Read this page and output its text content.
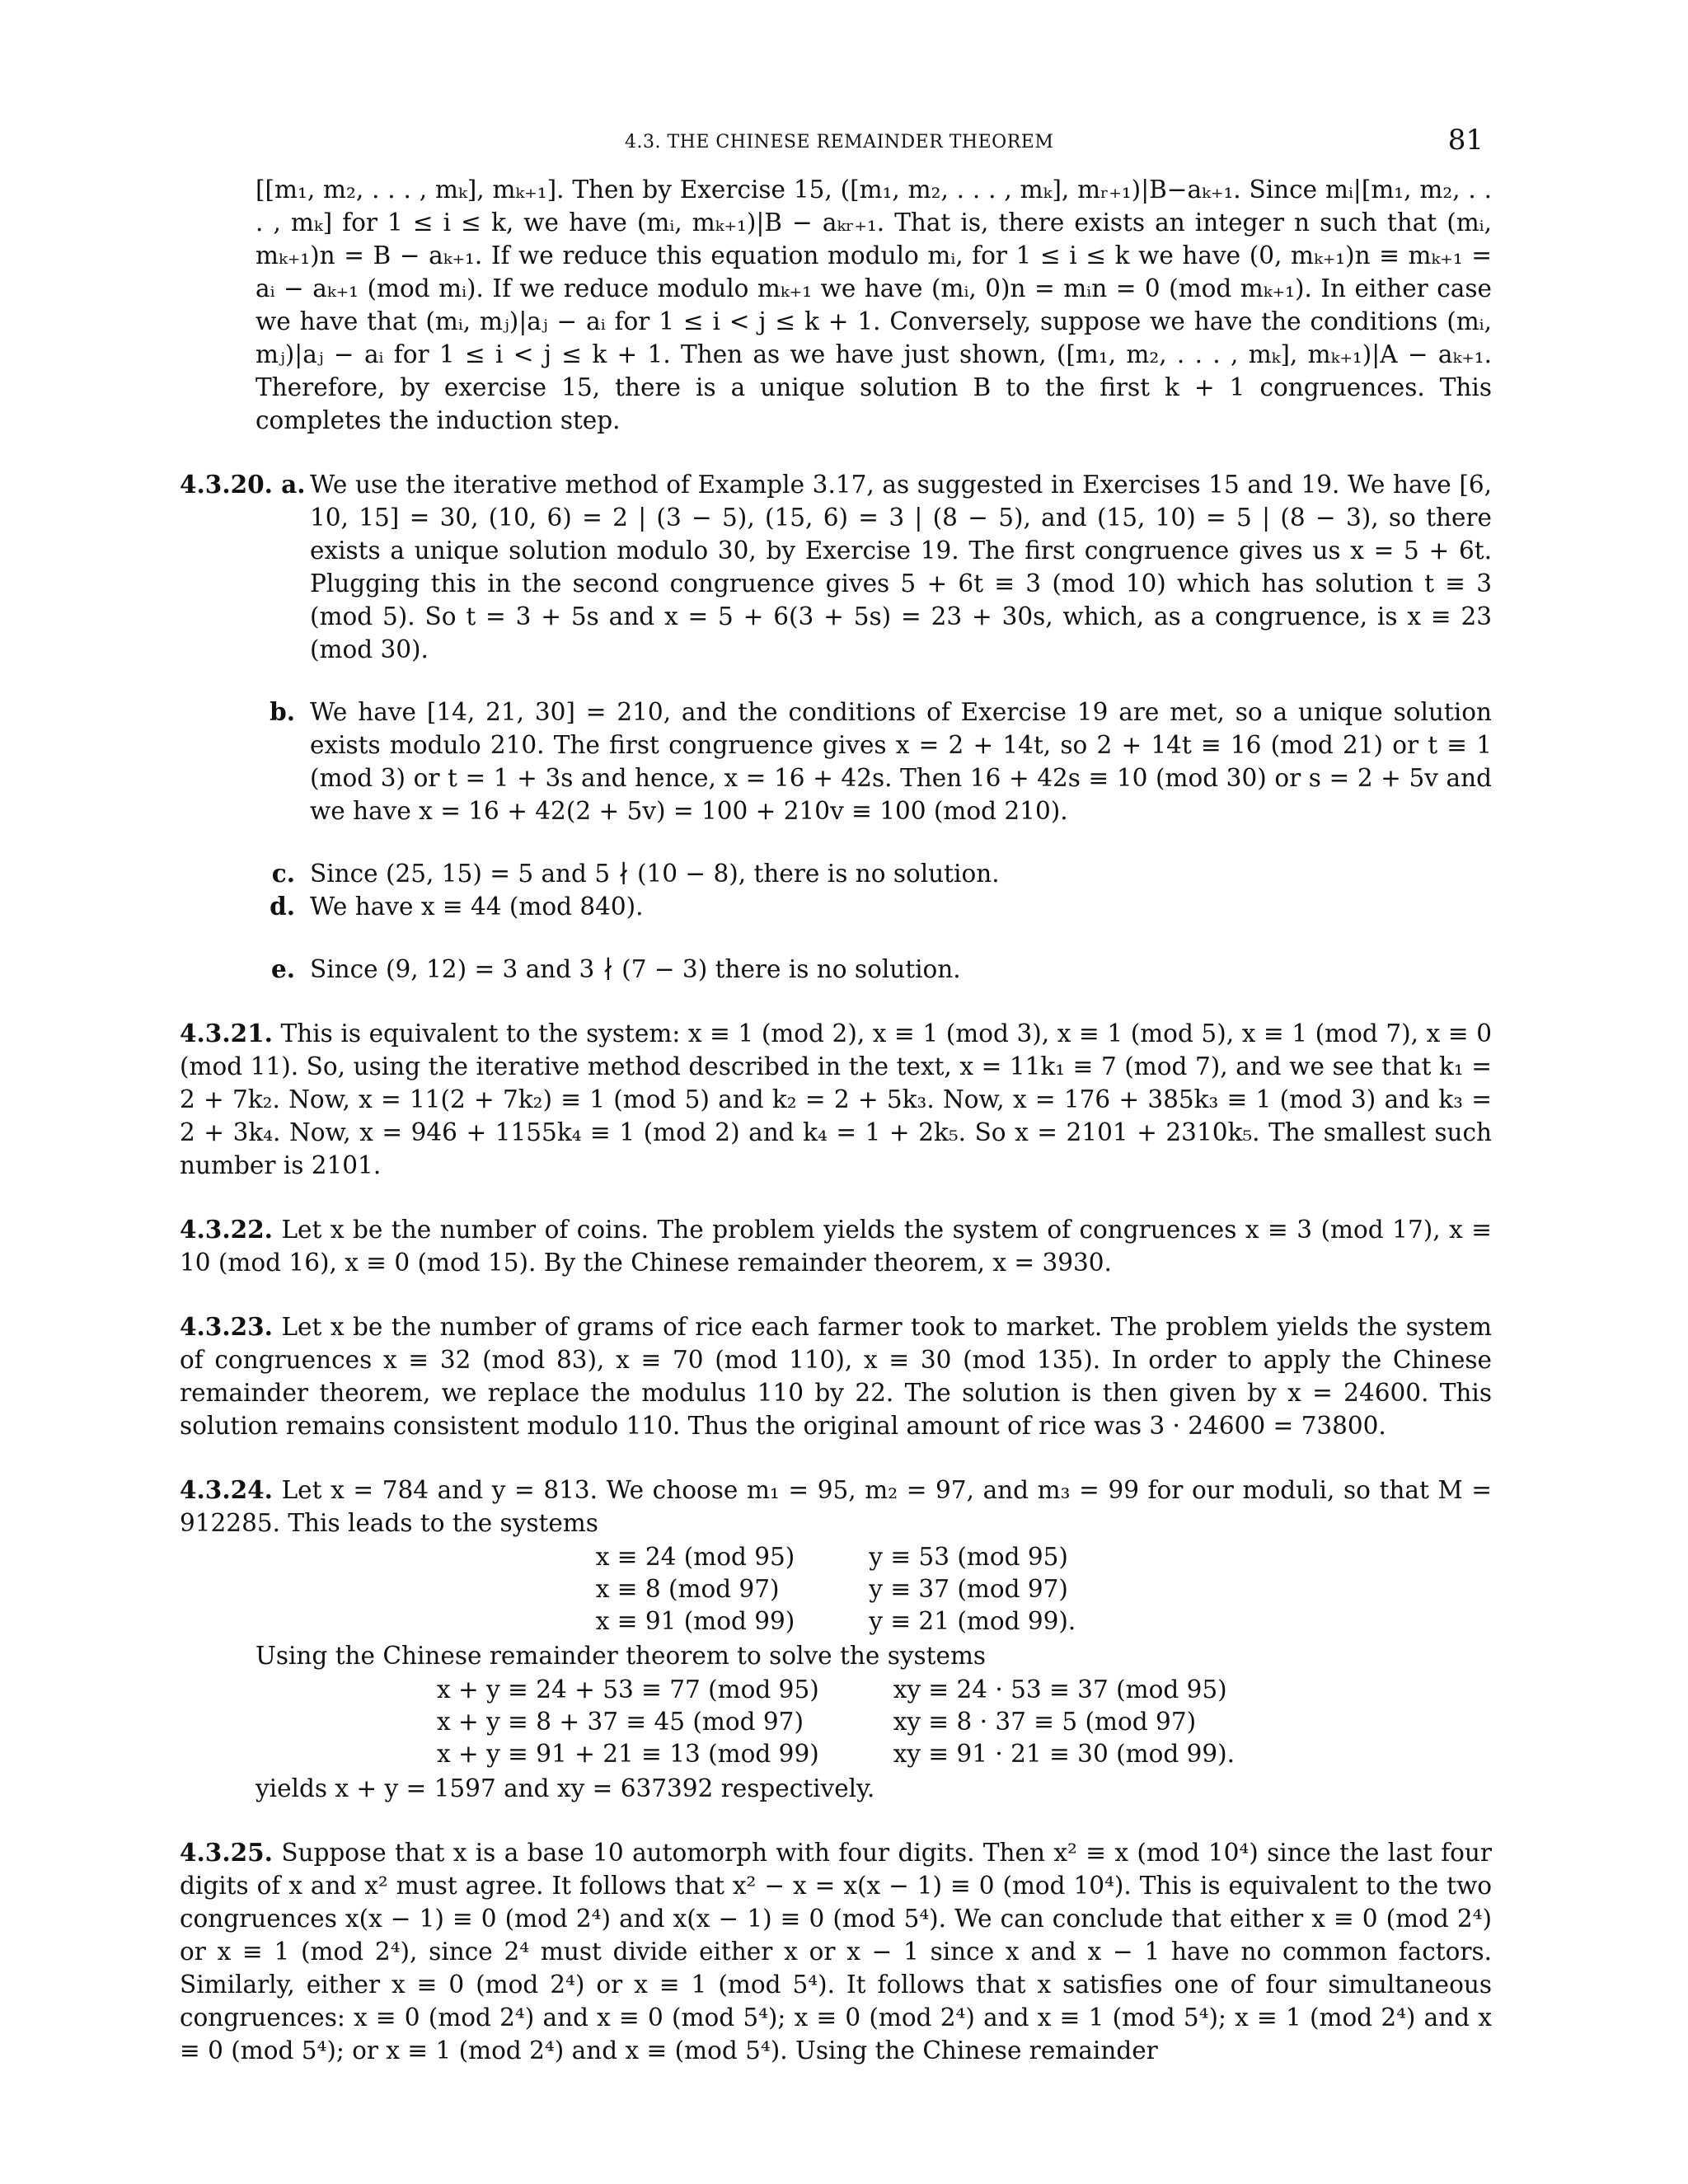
4.3. THE CHINESE REMAINDER THEOREM	81

[[m₁, m₂, . . . , mₖ], mₖ₊₁]. Then by Exercise 15, ([m₁, m₂, . . . , mₖ], mᵣ₊₁)|B−aₖ₊₁. Since mᵢ|[m₁, m₂, . . . , mₖ] for 1 ≤ i ≤ k, we have (mᵢ, mₖ₊₁)|B − aₖᵣ₊₁. That is, there exists an integer n such that (mᵢ, mₖ₊₁)n = B − aₖ₊₁. If we reduce this equation modulo mᵢ, for 1 ≤ i ≤ k we have (0, mₖ₊₁)n ≡ mₖ₊₁ = aᵢ − aₖ₊₁ (mod mᵢ). If we reduce modulo mₖ₊₁ we have (mᵢ, 0)n = mᵢn = 0 (mod mₖ₊₁). In either case we have that (mᵢ, mⱼ)|aⱼ − aᵢ for 1 ≤ i < j ≤ k + 1. Conversely, suppose we have the conditions (mᵢ, mⱼ)|aⱼ − aᵢ for 1 ≤ i < j ≤ k + 1. Then as we have just shown, ([m₁, m₂, . . . , mₖ], mₖ₊₁)|A − aₖ₊₁. Therefore, by exercise 15, there is a unique solution B to the first k + 1 congruences. This completes the induction step.

4.3.20. a. We use the iterative method of Example 3.17, as suggested in Exercises 15 and 19. We have [6, 10, 15] = 30, (10, 6) = 2 | (3 − 5), (15, 6) = 3 | (8 − 5), and (15, 10) = 5 | (8 − 3), so there exists a unique solution modulo 30, by Exercise 19. The first congruence gives us x = 5 + 6t. Plugging this in the second congruence gives 5 + 6t ≡ 3 (mod 10) which has solution t ≡ 3 (mod 5). So t = 3 + 5s and x = 5 + 6(3 + 5s) = 23 + 30s, which, as a congruence, is x ≡ 23 (mod 30).
b. We have [14, 21, 30] = 210, and the conditions of Exercise 19 are met, so a unique solution exists modulo 210. The first congruence gives x = 2 + 14t, so 2 + 14t ≡ 16 (mod 21) or t ≡ 1 (mod 3) or t = 1 + 3s and hence, x = 16 + 42s. Then 16 + 42s ≡ 10 (mod 30) or s = 2 + 5v and we have x = 16 + 42(2 + 5v) = 100 + 210v ≡ 100 (mod 210).
c. Since (25, 15) = 5 and 5 ∤ (10 − 8), there is no solution.
d. We have x ≡ 44 (mod 840).
e. Since (9, 12) = 3 and 3 ∤ (7 − 3) there is no solution.

4.3.21. This is equivalent to the system: x ≡ 1 (mod 2), x ≡ 1 (mod 3), x ≡ 1 (mod 5), x ≡ 1 (mod 7), x ≡ 0 (mod 11). So, using the iterative method described in the text, x = 11k₁ ≡ 7 (mod 7), and we see that k₁ = 2 + 7k₂. Now, x = 11(2 + 7k₂) ≡ 1 (mod 5) and k₂ = 2 + 5k₃. Now, x = 176 + 385k₃ ≡ 1 (mod 3) and k₃ = 2 + 3k₄. Now, x = 946 + 1155k₄ ≡ 1 (mod 2) and k₄ = 1 + 2k₅. So x = 2101 + 2310k₅. The smallest such number is 2101.

4.3.22. Let x be the number of coins. The problem yields the system of congruences x ≡ 3 (mod 17), x ≡ 10 (mod 16), x ≡ 0 (mod 15). By the Chinese remainder theorem, x = 3930.

4.3.23. Let x be the number of grams of rice each farmer took to market. The problem yields the system of congruences x ≡ 32 (mod 83), x ≡ 70 (mod 110), x ≡ 30 (mod 135). In order to apply the Chinese remainder theorem, we replace the modulus 110 by 22. The solution is then given by x = 24600. This solution remains consistent modulo 110. Thus the original amount of rice was 3 · 24600 = 73800.

4.3.24. Let x = 784 and y = 813. We choose m₁ = 95, m₂ = 97, and m₃ = 99 for our moduli, so that M = 912285. This leads to the systems

x ≡ 24 (mod 95)
x ≡ 8 (mod 97)
x ≡ 91 (mod 99)
y ≡ 53 (mod 95)
y ≡ 37 (mod 97)
y ≡ 21 (mod 99).

Using the Chinese remainder theorem to solve the systems

x + y ≡ 24 + 53 ≡ 77 (mod 95)
x + y ≡ 8 + 37 ≡ 45 (mod 97)
x + y ≡ 91 + 21 ≡ 13 (mod 99)
xy ≡ 24 · 53 ≡ 37 (mod 95)
xy ≡ 8 · 37 ≡ 5 (mod 97)
xy ≡ 91 · 21 ≡ 30 (mod 99).

yields x + y = 1597 and xy = 637392 respectively.

4.3.25. Suppose that x is a base 10 automorph with four digits. Then x² ≡ x (mod 10⁴) since the last four digits of x and x² must agree. It follows that x² − x = x(x − 1) ≡ 0 (mod 10⁴). This is equivalent to the two congruences x(x − 1) ≡ 0 (mod 2⁴) and x(x − 1) ≡ 0 (mod 5⁴). We can conclude that either x ≡ 0 (mod 2⁴) or x ≡ 1 (mod 2⁴), since 2⁴ must divide either x or x − 1 since x and x − 1 have no common factors. Similarly, either x ≡ 0 (mod 2⁴) or x ≡ 1 (mod 5⁴). It follows that x satisfies one of four simultaneous congruences: x ≡ 0 (mod 2⁴) and x ≡ 0 (mod 5⁴); x ≡ 0 (mod 2⁴) and x ≡ 1 (mod 5⁴); x ≡ 1 (mod 2⁴) and x ≡ 0 (mod 5⁴); or x ≡ 1 (mod 2⁴) and x ≡ (mod 5⁴). Using the Chinese remainder
